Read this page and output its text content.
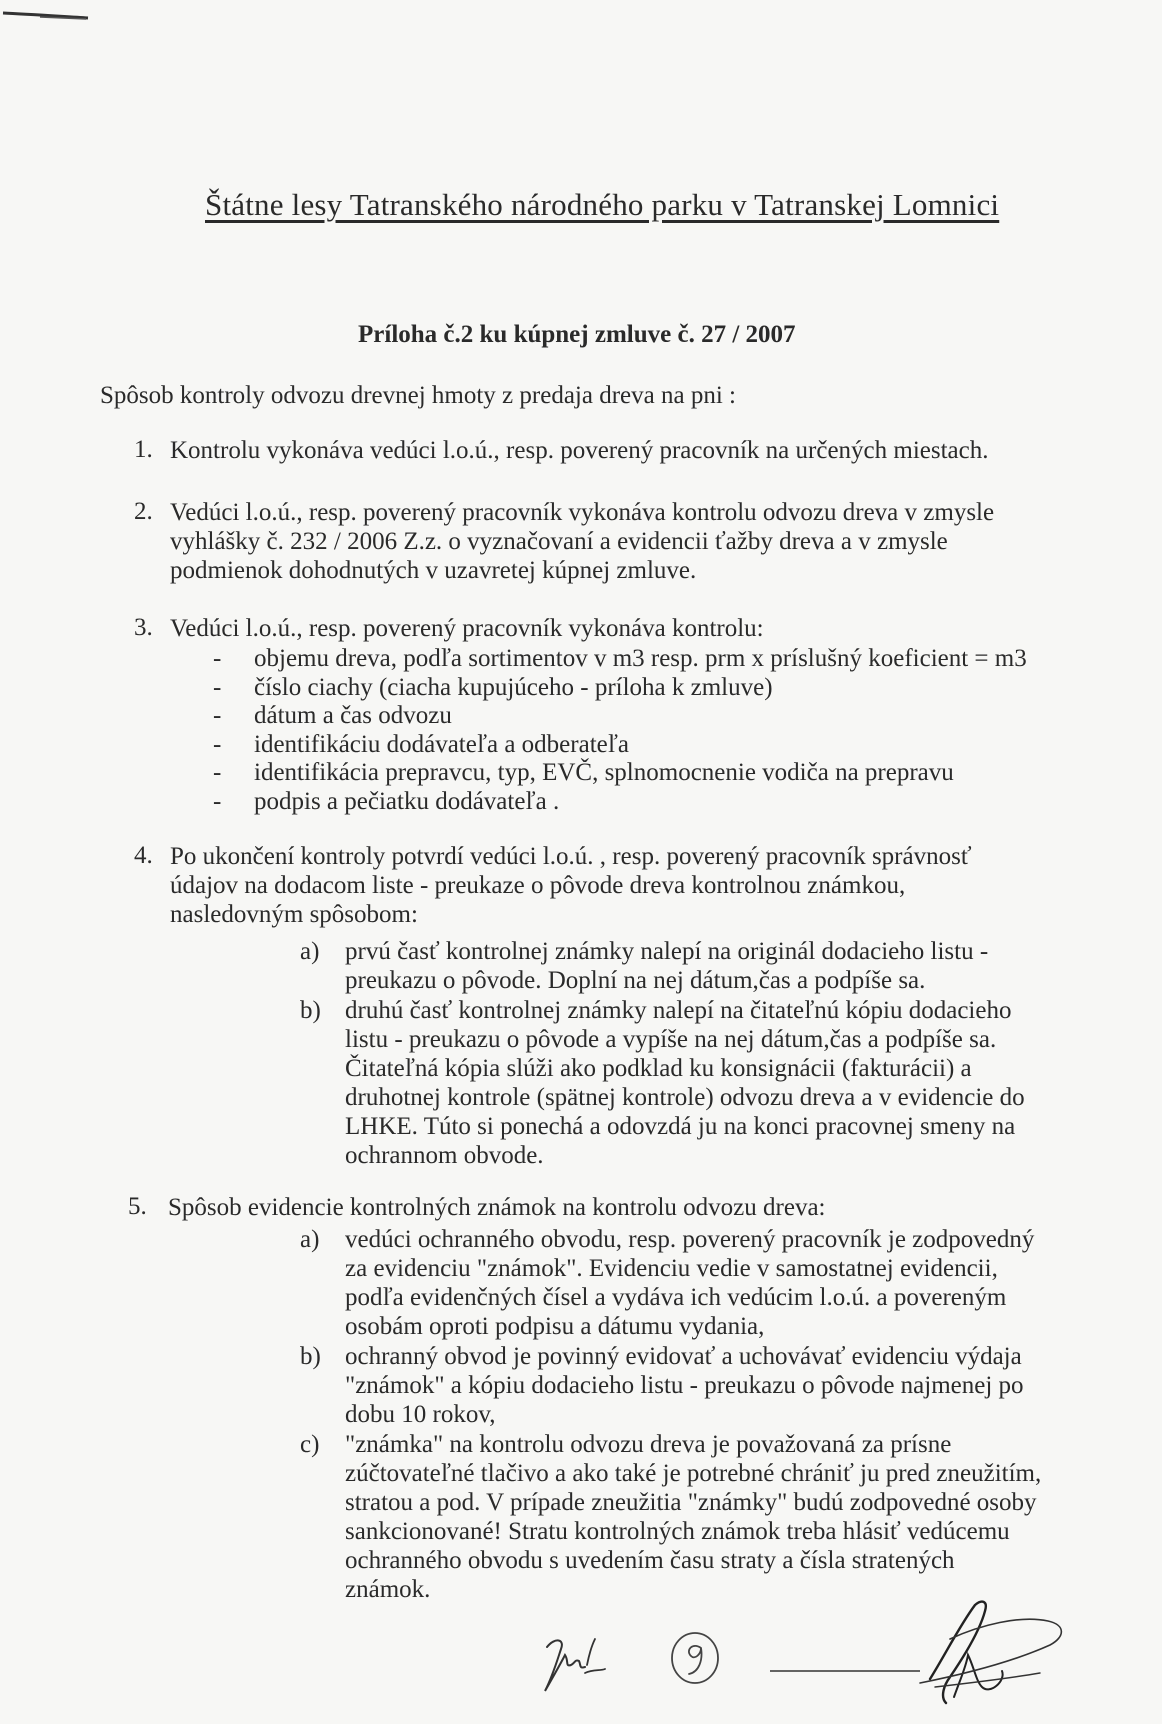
Štátne lesy Tatranského národného parku v Tatranskej Lomnici
Príloha č.2 ku kúpnej zmluve č. 27 / 2007
Spôsob kontroly odvozu drevnej hmoty z predaja dreva na pni :
1. Kontrolu vykonáva vedúci l.o.ú., resp. poverený pracovník na určených miestach.
2. Vedúci l.o.ú., resp. poverený pracovník vykonáva kontrolu odvozu dreva v zmysle
vyhlášky č. 232 / 2006 Z.z. o vyznačovaní a evidencii ťažby dreva a v zmysle
podmienok dohodnutých v uzavretej kúpnej zmluve.
3. Vedúci l.o.ú., resp. poverený pracovník vykonáva kontrolu:
- objemu dreva, podľa sortimentov v m3 resp. prm x príslušný koeficient = m3
- číslo ciachy (ciacha kupujúceho - príloha k zmluve)
- dátum a čas odvozu
- identifikáciu dodávateľa a odberateľa
- identifikácia prepravcu, typ, EVČ, splnomocnenie vodiča na prepravu
- podpis a pečiatku dodávateľa .
4. Po ukončení kontroly potvrdí vedúci l.o.ú. , resp. poverený pracovník správnosť
údajov na dodacom liste - preukaze o pôvode dreva kontrolnou známkou,
nasledovným spôsobom:
a) prvú časť kontrolnej známky nalepí na originál dodacieho listu -
preukazu o pôvode. Doplní na nej dátum,čas a podpíše sa.
b) druhú časť kontrolnej známky nalepí na čitateľnú kópiu dodacieho
listu - preukazu o pôvode a vypíše na nej dátum,čas a podpíše sa.
Čitateľná kópia slúži ako podklad ku konsignácii (fakturácii) a
druhotnej kontrole (spätnej kontrole) odvozu dreva a v evidencie do
LHKE. Túto si ponechá a odovzdá ju na konci pracovnej smeny na
ochrannom obvode.
5. Spôsob evidencie kontrolných známok na kontrolu odvozu dreva:
a) vedúci ochranného obvodu, resp. poverený pracovník je zodpovedný
za evidenciu "známok". Evidenciu vedie v samostatnej evidencii,
podľa evidenčných čísel a vydáva ich vedúcim l.o.ú. a povereným
osobám oproti podpisu a dátumu vydania,
b) ochranný obvod je povinný evidovať a uchovávať evidenciu výdaja
"známok" a kópiu dodacieho listu - preukazu o pôvode najmenej po
dobu 10 rokov,
c) "známka" na kontrolu odvozu dreva je považovaná za prísne
zúčtovateľné tlačivo a ako také je potrebné chrániť ju pred zneužitím,
stratou a pod. V prípade zneužitia "známky" budú zodpovedné osoby
sankcionované! Stratu kontrolných známok treba hlásiť vedúcemu
ochranného obvodu s uvedením času straty a čísla stratených
známok.
